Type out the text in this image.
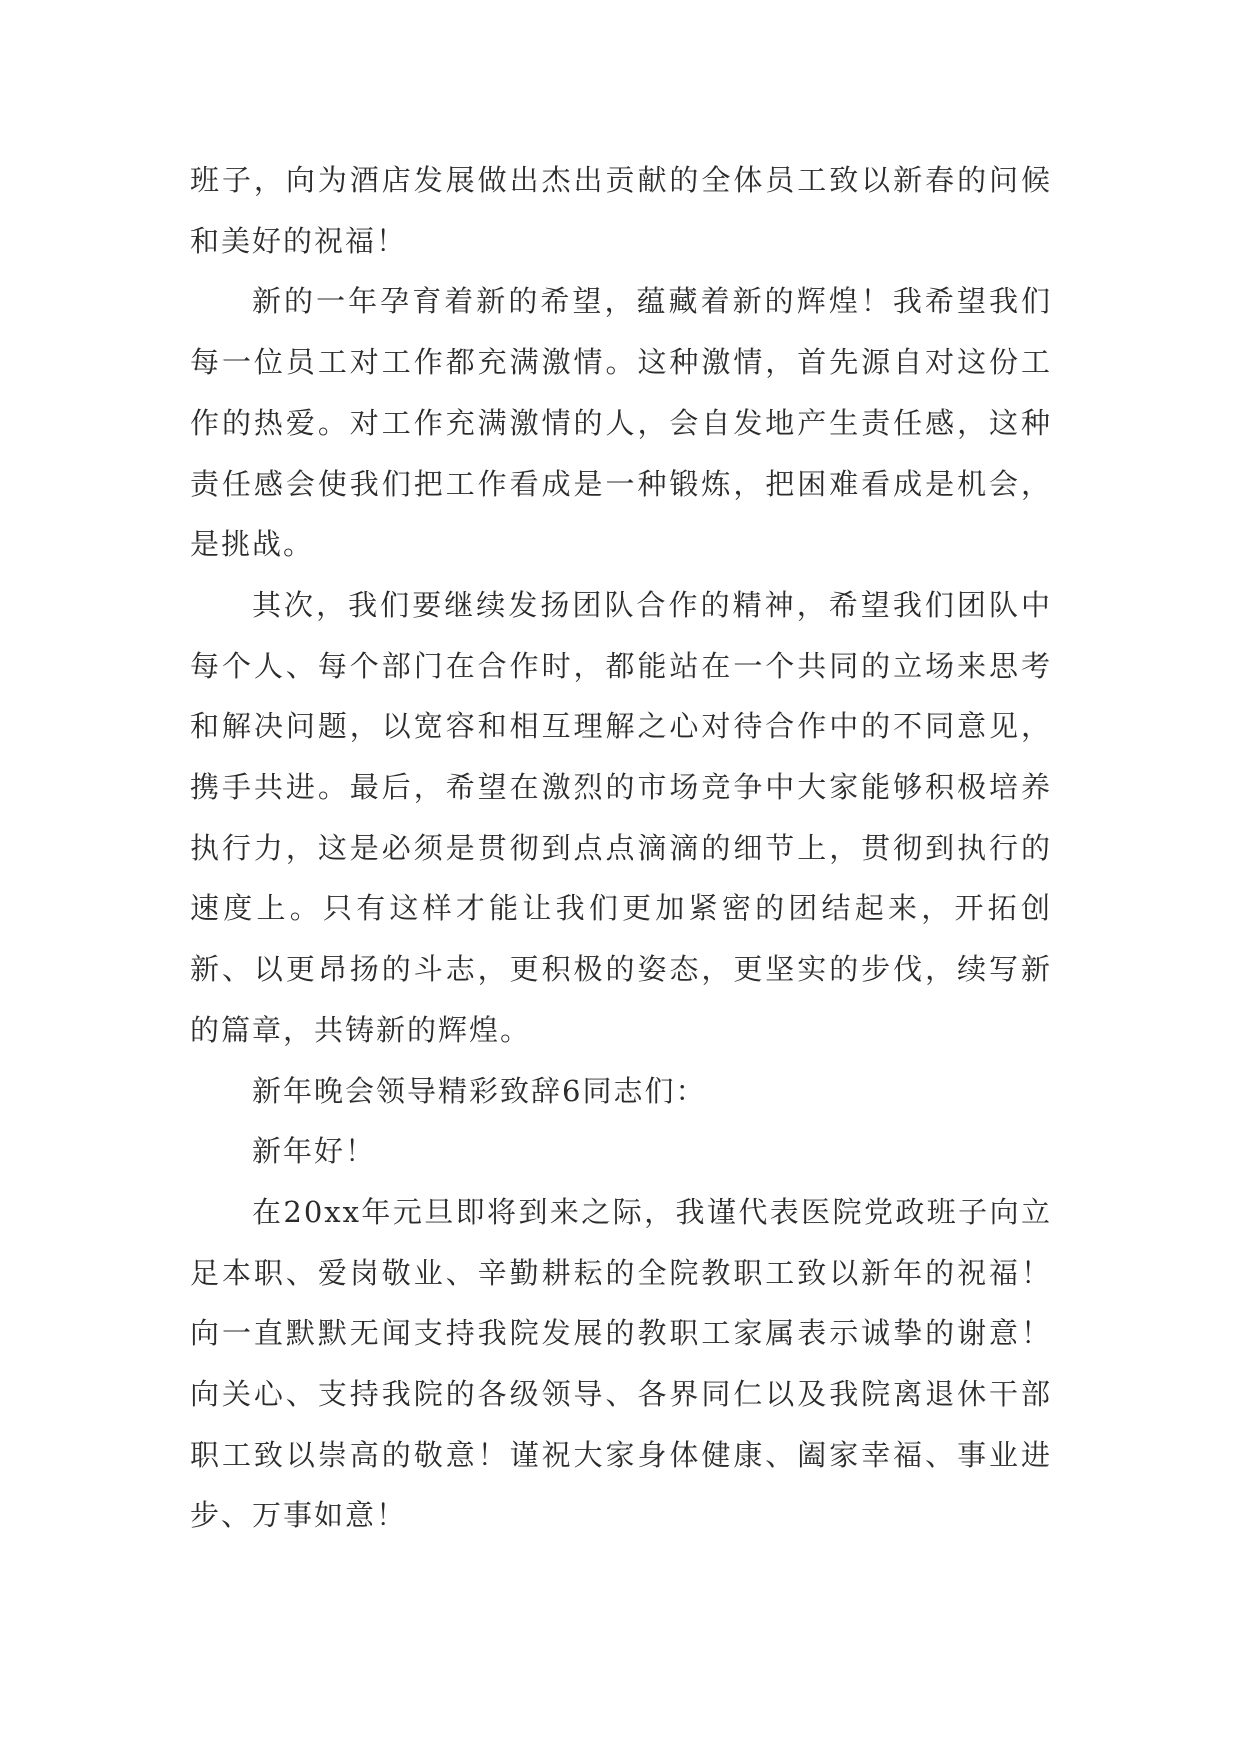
班子，向为酒店发展做出杰出贡献的全体员工致以新春的问候和美好的祝福！

新的一年孕育着新的希望，蕴藏着新的辉煌！我希望我们每一位员工对工作都充满激情。这种激情，首先源自对这份工作的热爱。对工作充满激情的人，会自发地产生责任感，这种责任感会使我们把工作看成是一种锻炼，把困难看成是机会，是挑战。

其次，我们要继续发扬团队合作的精神，希望我们团队中每个人、每个部门在合作时，都能站在一个共同的立场来思考和解决问题，以宽容和相互理解之心对待合作中的不同意见，携手共进。最后，希望在激烈的市场竞争中大家能够积极培养执行力，这是必须是贯彻到点点滴滴的细节上，贯彻到执行的速度上。只有这样才能让我们更加紧密的团结起来，开拓创新、以更昂扬的斗志，更积极的姿态，更坚实的步伐，续写新的篇章，共铸新的辉煌。

新年晚会领导精彩致辞6同志们：

新年好！

在20xx年元旦即将到来之际，我谨代表医院党政班子向立足本职、爱岗敬业、辛勤耕耘的全院教职工致以新年的祝福！向一直默默无闻支持我院发展的教职工家属表示诚挚的谢意！向关心、支持我院的各级领导、各界同仁以及我院离退休干部职工致以崇高的敬意！谨祝大家身体健康、阖家幸福、事业进步、万事如意！
